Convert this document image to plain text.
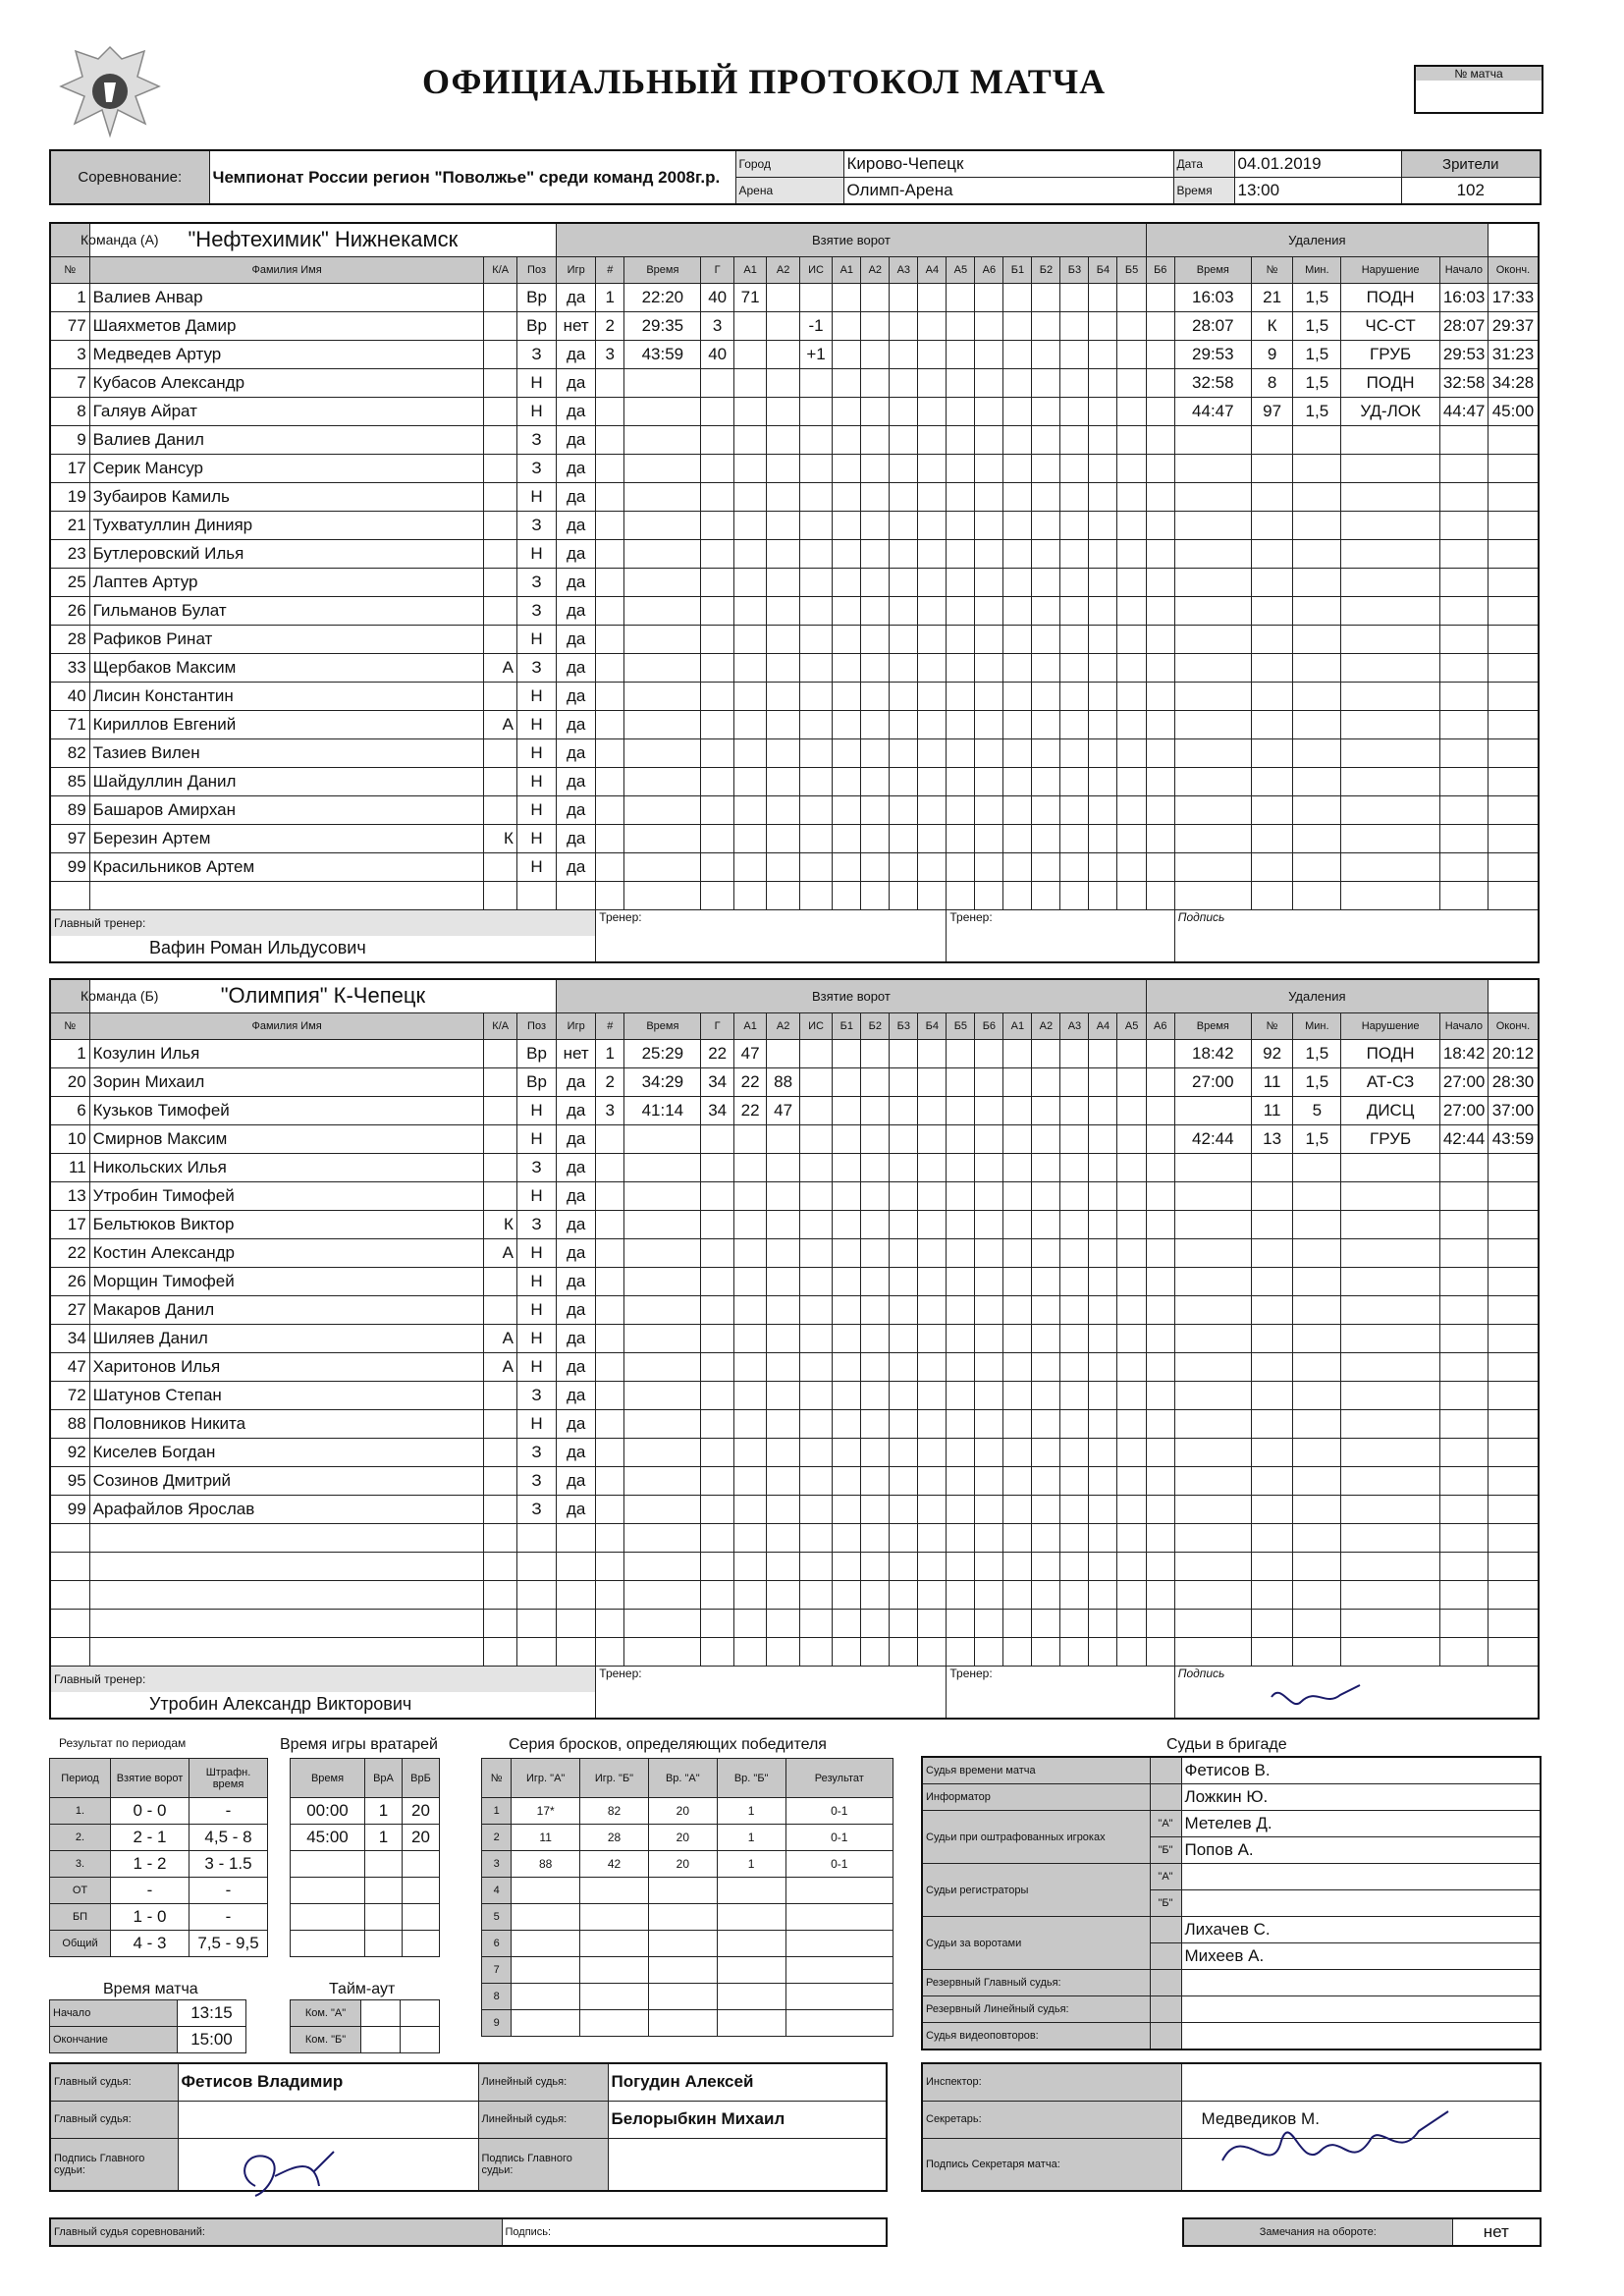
ОФИЦИАЛЬНЫЙ ПРОТОКОЛ МАТЧА	№ матча
Соревнование:	Чемпионат России регион "Поволжье" среди команд 2008г.р.	Город	Кирово-Чепецк	Дата	04.01.2019	Зрители
		Арена	Олимп-Арена	Время	13:00	102
Команда (А)	"Нефтехимик" Нижнекамск			Взятие ворот																		Удаления						
№	Фамилия Имя	К/А	Поз	Игр	#	Время	Г	А1	А2	ИС	А1	А2	А3	А4	А5	А6	Б1	Б2	Б3	Б4	Б5	Б6	Время	№	Мин.	Нарушение	Начало	Оконч.
1	Валиев Анвар		Вр	да	1	22:20	40	71															16:03	21	1,5	ПОДН	16:03	17:33
77	Шаяхметов Дамир		Вр	нет	2	29:35	3			-1													28:07	К	1,5	ЧС-СТ	28:07	29:37
3	Медведев Артур		З	да	3	43:59	40			+1													29:53	9	1,5	ГРУБ	29:53	31:23
7	Кубасов Александр		Н	да																			32:58	8	1,5	ПОДН	32:58	34:28
8	Галяув Айрат		Н	да																			44:47	97	1,5	УД-ЛОК	44:47	45:00
9	Валиев Данил		З	да																								
17	Серик Мансур		З	да																								
19	Зубаиров Камиль		Н	да																								
21	Тухватуллин Динияр		З	да																								
23	Бутлеровский Илья		Н	да																								
25	Лаптев Артур		З	да																								
26	Гильманов Булат		З	да																								
28	Рафиков Ринат		Н	да																								
33	Щербаков Максим	А	З	да																								
40	Лисин Константин		Н	да																								
71	Кириллов Евгений	А	Н	да																								
82	Тазиев Вилен		Н	да																								
85	Шайдуллин Данил		Н	да																								
89	Башаров Амирхан		Н	да																								
97	Березин Артем	К	Н	да																								
99	Красильников Артем		Н	да																								

Главный тренер:					Тренер:										Тренер:								Подпись					
Вафин Роман Ильдусович																												
Команда (Б)	"Олимпия" К-Чепецк			Взятие ворот																		Удаления						
№	Фамилия Имя	К/А	Поз	Игр	#	Время	Г	А1	А2	ИС	Б1	Б2	Б3	Б4	Б5	Б6	А1	А2	А3	А4	А5	А6	Время	№	Мин.	Нарушение	Начало	Оконч.
1	Козулин Илья		Вр	нет	1	25:29	22	47															18:42	92	1,5	ПОДН	18:42	20:12
20	Зорин Михаил		Вр	да	2	34:29	34	22	88														27:00	11	1,5	АТ-СЗ	27:00	28:30
6	Кузьков Тимофей		Н	да	3	41:14	34	22	47															11	5	ДИСЦ	27:00	37:00
10	Смирнов Максим		Н	да																			42:44	13	1,5	ГРУБ	42:44	43:59
11	Никольских Илья		З	да																								
13	Утробин Тимофей		Н	да																								
17	Бельтюков Виктор	К	З	да																								
22	Костин Александр	А	Н	да																								
26	Морщин Тимофей		Н	да																								
27	Макаров Данил		Н	да																								
34	Шиляев Данил	А	Н	да																								
47	Харитонов Илья	А	Н	да																								
72	Шатунов Степан		З	да																								
88	Половников Никита		Н	да																								
92	Киселев Богдан		З	да																								
95	Созинов Дмитрий		З	да																								
99	Арафайлов Ярослав		З	да																								

Главный тренер:					Тренер:										Тренер:								Подпись					
Утробин Александр Викторович																												
Результат по периодам
Период	Взятие ворот	Штрафн. время
1.	0 - 0	-
2.	2 - 1	4,5 - 8
3.	1 - 2	3 - 1.5
ОТ	-	-
БП	1 - 0	-
Общий	4 - 3	7,5 - 9,5
Время игры вратарей
Время	ВрА	ВрБ
00:00	1	20
45:00	1	20

Время матча	Тайм-аут
Начало	13:15
Окончание	15:00
Ком. "А"		
Ком. "Б"		
Серия бросков, определяющих победителя
№	Игр. "А"	Игр. "Б"	Вр. "А"	Вр. "Б"	Результат
1	17*	82	20	1	0-1
2	11	28	20	1	0-1
3	88	42	20	1	0-1
4					
5					
6					
7					
8					
9					
Судьи в бригаде
Судья времени матча		Фетисов В.
Информатор		Ложкин Ю.
Судьи при оштрафованных игроках	"А"	Метелев Д.
	"Б"	Попов А.
Судьи регистраторы	"А"	
	"Б"	
Судьи за воротами		Лихачев С.
		Михеев А.
Резервный Главный судья:		
Резервный Линейный судья:		
Судья видеоповторов:		
Главный судья:	Фетисов Владимир	Линейный судья:	Погудин Алексей
Главный судья:		Линейный судья:	Белорыбкин Михаил
Подпись Главного судьи:		Подпись Главного судьи:	
Инспектор:	
Секретарь:	Медведиков М.
Подпись Секретаря матча:	
Главный судья соревнований:	Подпись:	Замечания на обороте:	нет
